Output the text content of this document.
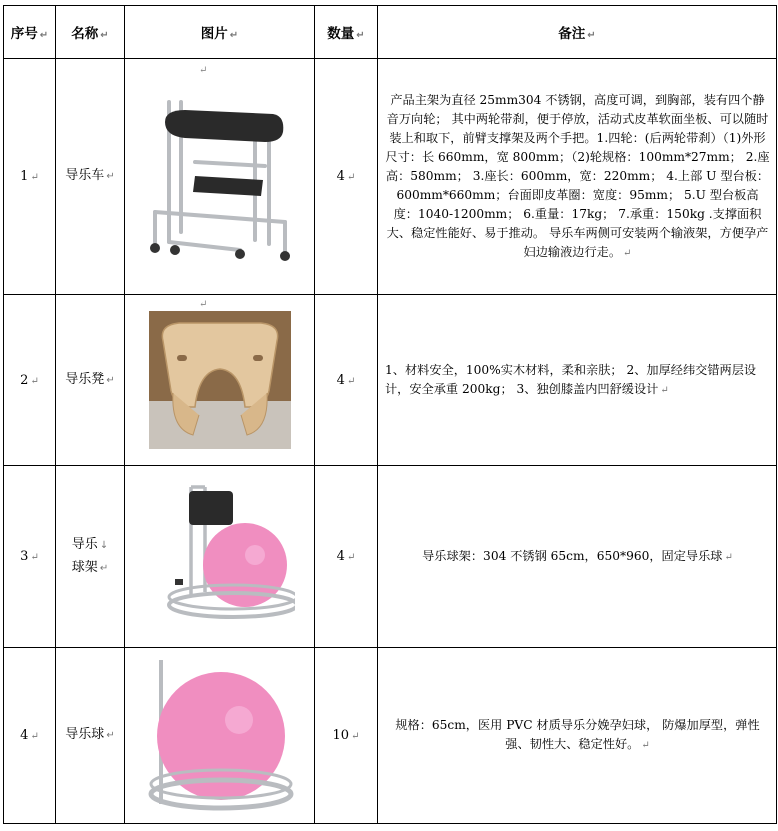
序号 ↵	名称 ↵	图片 ↵	数量 ↵	备注 ↵
1 ↵	导乐车 ↵	↵	4 ↵	产品主架为直径 25mm304 不锈钢，高度可调，到胸部，装有四个静音万向轮； 其中两轮带刹，便于停放，活动式皮革软面坐板、可以随时装上和取下，前臂支撑架及两个手把。1.四轮：(后两轮带刹）（1)外形尺寸：长 660mm，宽 800mm；（2)轮规格：100mm*27mm； 2.座高：580mm； 3.座长：600mm，宽：220mm； 4.上部 U 型台板：600mm*660mm；台面即皮革圈：宽度：95mm； 5.U 型台板高度：1040-1200mm； 6.重量：17kg； 7.承重：150kg .支撑面积大、稳定性能好、易于推动。 导乐车两侧可安装两个输液架，方便孕产妇边输液边行走。 ↵
2 ↵	导乐凳 ↵	↵	4 ↵	1、材料安全，100%实木材料，柔和亲肤； 2、加厚经纬交错两层设计，安全承重 200kg； 3、独创膝盖内凹舒缓设计 ↵
3 ↵	导乐 ↓
球架 ↵		4 ↵	导乐球架：304 不锈钢 65cm，650*960，固定导乐球 ↵
4 ↵	导乐球 ↵		10 ↵	规格：65cm，医用 PVC 材质导乐分娩孕妇球， 防爆加厚型，弹性强、韧性大、稳定性好。 ↵
